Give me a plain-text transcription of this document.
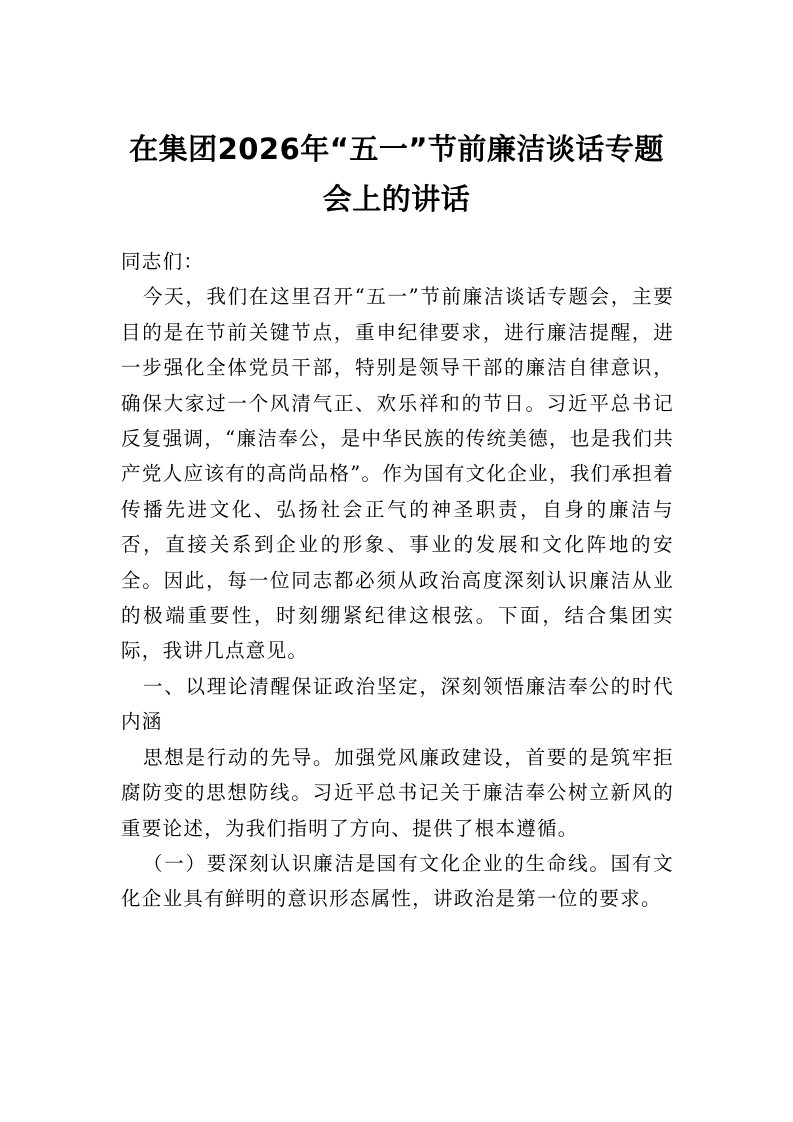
在集团2026年“五一”节前廉洁谈话专题
会上的讲话

同志们：

今天，我们在这里召开“五一”节前廉洁谈话专题会，主要目的是在节前关键节点，重申纪律要求，进行廉洁提醒，进一步强化全体党员干部，特别是领导干部的廉洁自律意识，确保大家过一个风清气正、欢乐祥和的节日。习近平总书记反复强调，“廉洁奉公，是中华民族的传统美德，也是我们共产党人应该有的高尚品格”。作为国有文化企业，我们承担着传播先进文化、弘扬社会正气的神圣职责，自身的廉洁与否，直接关系到企业的形象、事业的发展和文化阵地的安全。因此，每一位同志都必须从政治高度深刻认识廉洁从业的极端重要性，时刻绷紧纪律这根弦。下面，结合集团实际，我讲几点意见。

一、以理论清醒保证政治坚定，深刻领悟廉洁奉公的时代内涵

思想是行动的先导。加强党风廉政建设，首要的是筑牢拒腐防变的思想防线。习近平总书记关于廉洁奉公树立新风的重要论述，为我们指明了方向、提供了根本遵循。

（一）要深刻认识廉洁是国有文化企业的生命线。国有文化企业具有鲜明的意识形态属性，讲政治是第一位的要求。
